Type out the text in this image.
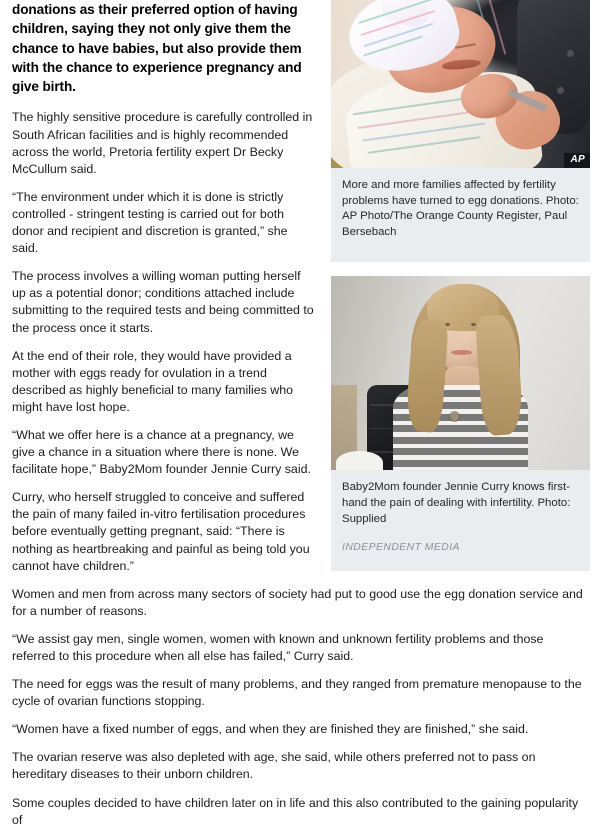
AP

More and more families affected by fertility problems have turned to egg donations. Photo: AP Photo/The Orange County Register, Paul Bersebach

Baby2Mom founder Jennie Curry knows first-hand the pain of dealing with infertility. Photo: Supplied

INDEPENDENT MEDIA

donations as their preferred option of having children, saying they not only give them the chance to have babies, but also provide them with the chance to experience pregnancy and give birth.

The highly sensitive procedure is carefully controlled in South African facilities and is highly recommended across the world, Pretoria fertility expert Dr Becky McCullum said.

“The environment under which it is done is strictly controlled - stringent testing is carried out for both donor and recipient and discretion is granted,” she said.

The process involves a willing woman putting herself up as a potential donor; conditions attached include submitting to the required tests and being committed to the process once it starts.

At the end of their role, they would have provided a mother with eggs ready for ovulation in a trend described as highly beneficial to many families who might have lost hope.

“What we offer here is a chance at a pregnancy, we give a chance in a situation where there is none. We facilitate hope,” Baby2Mom founder Jennie Curry said.

Curry, who herself struggled to conceive and suffered the pain of many failed in-vitro fertilisation procedures before eventually getting pregnant, said: “There is nothing as heartbreaking and painful as being told you cannot have children.”

Women and men from across many sectors of society had put to good use the egg donation service and for a number of reasons.

“We assist gay men, single women, women with known and unknown fertility problems and those referred to this procedure when all else has failed,” Curry said.

The need for eggs was the result of many problems, and they ranged from premature menopause to the cycle of ovarian functions stopping.

“Women have a fixed number of eggs, and when they are finished they are finished,” she said.

The ovarian reserve was also depleted with age, she said, while others preferred not to pass on hereditary diseases to their unborn children.

Some couples decided to have children later on in life and this also contributed to the gaining popularity of
